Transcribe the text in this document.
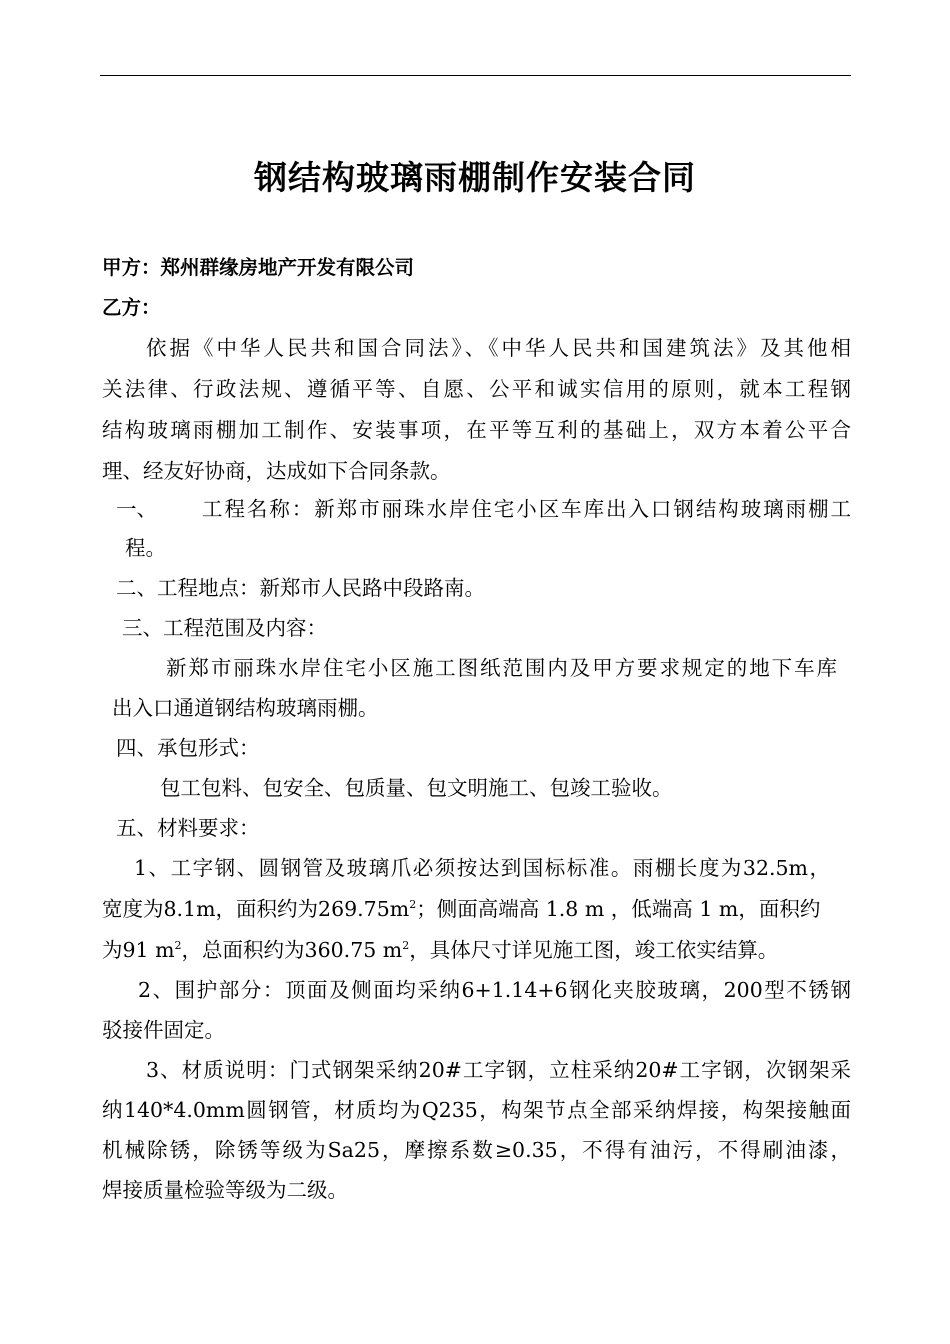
钢结构玻璃雨棚制作安装合同
甲方：郑州群缘房地产开发有限公司
乙方：
依据《中华人民共和国合同法》、《中华人民共和国建筑法》及其他相
关法律、行政法规、遵循平等、自愿、公平和诚实信用的原则，就本工程钢
结构玻璃雨棚加工制作、安装事项，在平等互利的基础上，双方本着公平合
理、经友好协商，达成如下合同条款。
一、 工程名称：新郑市丽珠水岸住宅小区车库出入口钢结构玻璃雨棚工
程。
二、工程地点：新郑市人民路中段路南。
三、工程范围及内容：
新郑市丽珠水岸住宅小区施工图纸范围内及甲方要求规定的地下车库
出入口通道钢结构玻璃雨棚。
四、承包形式：
包工包料、包安全、包质量、包文明施工、包竣工验收。
五、材料要求：
1、工字钢、圆钢管及玻璃爪必须按达到国标标准。雨棚长度为32.5m，
宽度为8.1m，面积约为$269.75m^2$；侧面高端高 1.8 m ，低端高 1 m，面积约
为91 $m^2$，总面积约为360.75 $m^2$，具体尺寸详见施工图，竣工依实结算。
2、围护部分：顶面及侧面均采纳6+1.14+6钢化夹胶玻璃，200型不锈钢
驳接件固定。
3、材质说明：门式钢架采纳20#工字钢，立柱采纳20#工字钢，次钢架采
纳140*4.0mm圆钢管，材质均为Q235，构架节点全部采纳焊接，构架接触面
机械除锈，除锈等级为Sa25，摩擦系数≥0.35，不得有油污，不得刷油漆，
焊接质量检验等级为二级。
